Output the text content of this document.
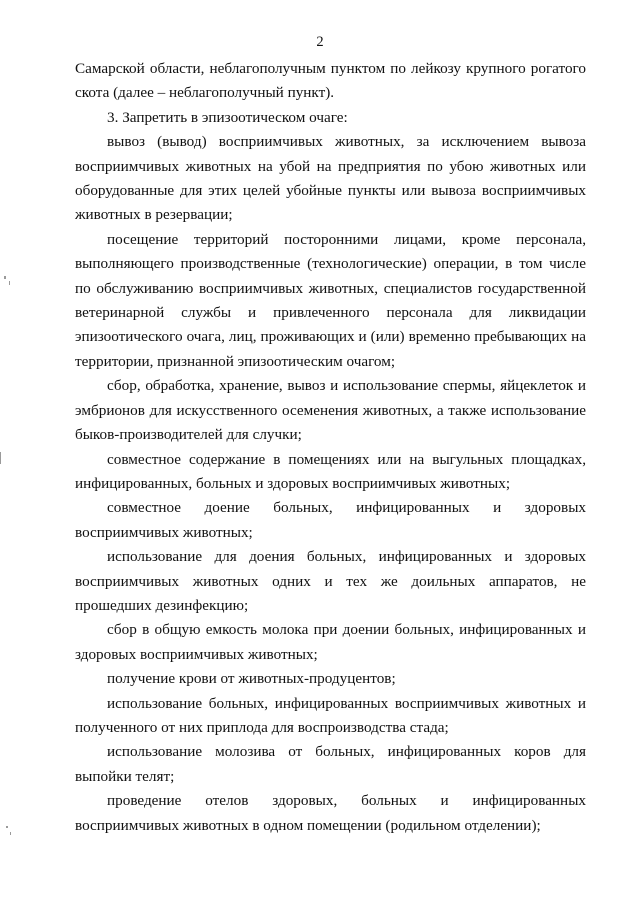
2

Самарской области, неблагополучным пунктом по лейкозу крупного рогатого скота (далее – неблагополучный пункт).

3. Запретить в эпизоотическом очаге:

вывоз (вывод) восприимчивых животных, за исключением вывоза восприимчивых животных на убой на предприятия по убою животных или оборудованные для этих целей убойные пункты или вывоза восприимчивых животных в резервации;

посещение территорий посторонними лицами, кроме персонала, выполняющего производственные (технологические) операции, в том числе по обслуживанию восприимчивых животных, специалистов государственной ветеринарной службы и привлеченного персонала для ликвидации эпизоотического очага, лиц, проживающих и (или) временно пребывающих на территории, признанной эпизоотическим очагом;

сбор, обработка, хранение, вывоз и использование спермы, яйцеклеток и эмбрионов для искусственного осеменения животных, а также использование быков-производителей для случки;

совместное содержание в помещениях или на выгульных площадках, инфицированных, больных и здоровых восприимчивых животных;

совместное доение больных, инфицированных и здоровых восприимчивых животных;

использование для доения больных, инфицированных и здоровых восприимчивых животных одних и тех же доильных аппаратов, не прошедших дезинфекцию;

сбор в общую емкость молока при доении больных, инфицированных и здоровых восприимчивых животных;

получение крови от животных-продуцентов;

использование больных, инфицированных восприимчивых животных и полученного от них приплода для воспроизводства стада;

использование молозива от больных, инфицированных коров для выпойки телят;

проведение отелов здоровых, больных и инфицированных восприимчивых животных в одном помещении (родильном отделении);
